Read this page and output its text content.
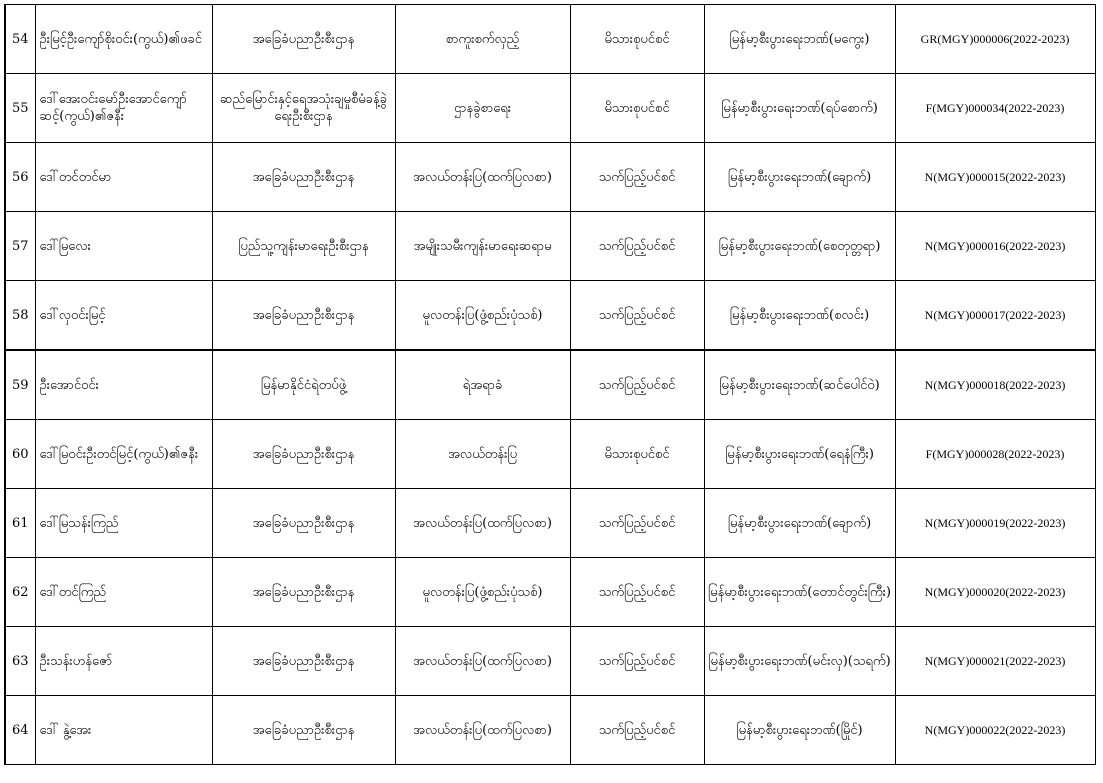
54	ဦးမြင့်ဦးကျော်စိုးဝင်း(ကွယ်)၏ဖခင်	အခြေခံပညာဦးစီးဌာန	စာကူးစက်လှည့်	မိသားစုပင်စင်	မြန်မာ့စီးပွားရေးဘဏ်(မကွေး)	GR(MGY)000006(2022-2023)
55	ဒေါ်အေးဝင်းမော်ဦးအောင်ကျော်ဆင့်(ကွယ်)၏ဇနီး	ဆည်မြောင်းနှင့်ရေအသုံးချမှုစီမံခန့်ခွဲရေးဦးစီးဌာန	ဌာနခွဲစာရေး	မိသားစုပင်စင်	မြန်မာ့စီးပွားရေးဘဏ်(ရပ်စောက်)	F(MGY)000034(2022-2023)
56	ဒေါ်တင်တင်မာ	အခြေခံပညာဦးစီးဌာန	အလယ်တန်းပြ(ထက်ပြလစာ)	သက်ပြည့်ပင်စင်	မြန်မာ့စီးပွားရေးဘဏ်(ချောက်)	N(MGY)000015(2022-2023)
57	ဒေါ်မြလေး	ပြည်သူ့ကျန်းမာရေးဦးစီးဌာန	အမျိုးသမီးကျန်းမာရေးဆရာမ	သက်ပြည့်ပင်စင်	မြန်မာ့စီးပွားရေးဘဏ်(စေတုတ္တရာ)	N(MGY)000016(2022-2023)
58	ဒေါ်လှဝင်းမြင့်	အခြေခံပညာဦးစီးဌာန	မူလတန်းပြ(ဖွံ့စည်းပုံသစ်)	သက်ပြည့်ပင်စင်	မြန်မာ့စီးပွားရေးဘဏ်(စလင်း)	N(MGY)000017(2022-2023)
59	ဦးအောင်ဝင်း	မြန်မာနိုင်ငံရဲတပ်ဖွဲ့	ရဲအရာခံ	သက်ပြည့်ပင်စင်	မြန်မာ့စီးပွားရေးဘဏ်(ဆင်ပေါင်ဝဲ)	N(MGY)000018(2022-2023)
60	ဒေါ်မြဝင်းဦးတင်မြင့်(ကွယ်)၏ဇနီး	အခြေခံပညာဦးစီးဌာန	အလယ်တန်းပြ	မိသားစုပင်စင်	မြန်မာ့စီးပွားရေးဘဏ်(ရေနံကြီး)	F(MGY)000028(2022-2023)
61	ဒေါ်မြသန်းကြည်	အခြေခံပညာဦးစီးဌာန	အလယ်တန်းပြ(ထက်ပြလစာ)	သက်ပြည့်ပင်စင်	မြန်မာ့စီးပွားရေးဘဏ်(ချောက်)	N(MGY)000019(2022-2023)
62	ဒေါ်တင်ကြည်	အခြေခံပညာဦးစီးဌာန	မူလတန်းပြ(ဖွံ့စည်းပုံသစ်)	သက်ပြည့်ပင်စင်	မြန်မာ့စီးပွားရေးဘဏ်(တောင်တွင်းကြီး)	N(MGY)000020(2022-2023)
63	ဦးသန်းဟန်ဇော်	အခြေခံပညာဦးစီးဌာန	အလယ်တန်းပြ(ထက်ပြလစာ)	သက်ပြည့်ပင်စင်	မြန်မာ့စီးပွားရေးဘဏ်(မင်းလှ)(သရက်)	N(MGY)000021(2022-2023)
64	ဒေါ် နွဲ့အေး	အခြေခံပညာဦးစီးဌာန	အလယ်တန်းပြ(ထက်ပြလစာ)	သက်ပြည့်ပင်စင်	မြန်မာ့စီးပွားရေးဘဏ်(မြိုင်)	N(MGY)000022(2022-2023)
